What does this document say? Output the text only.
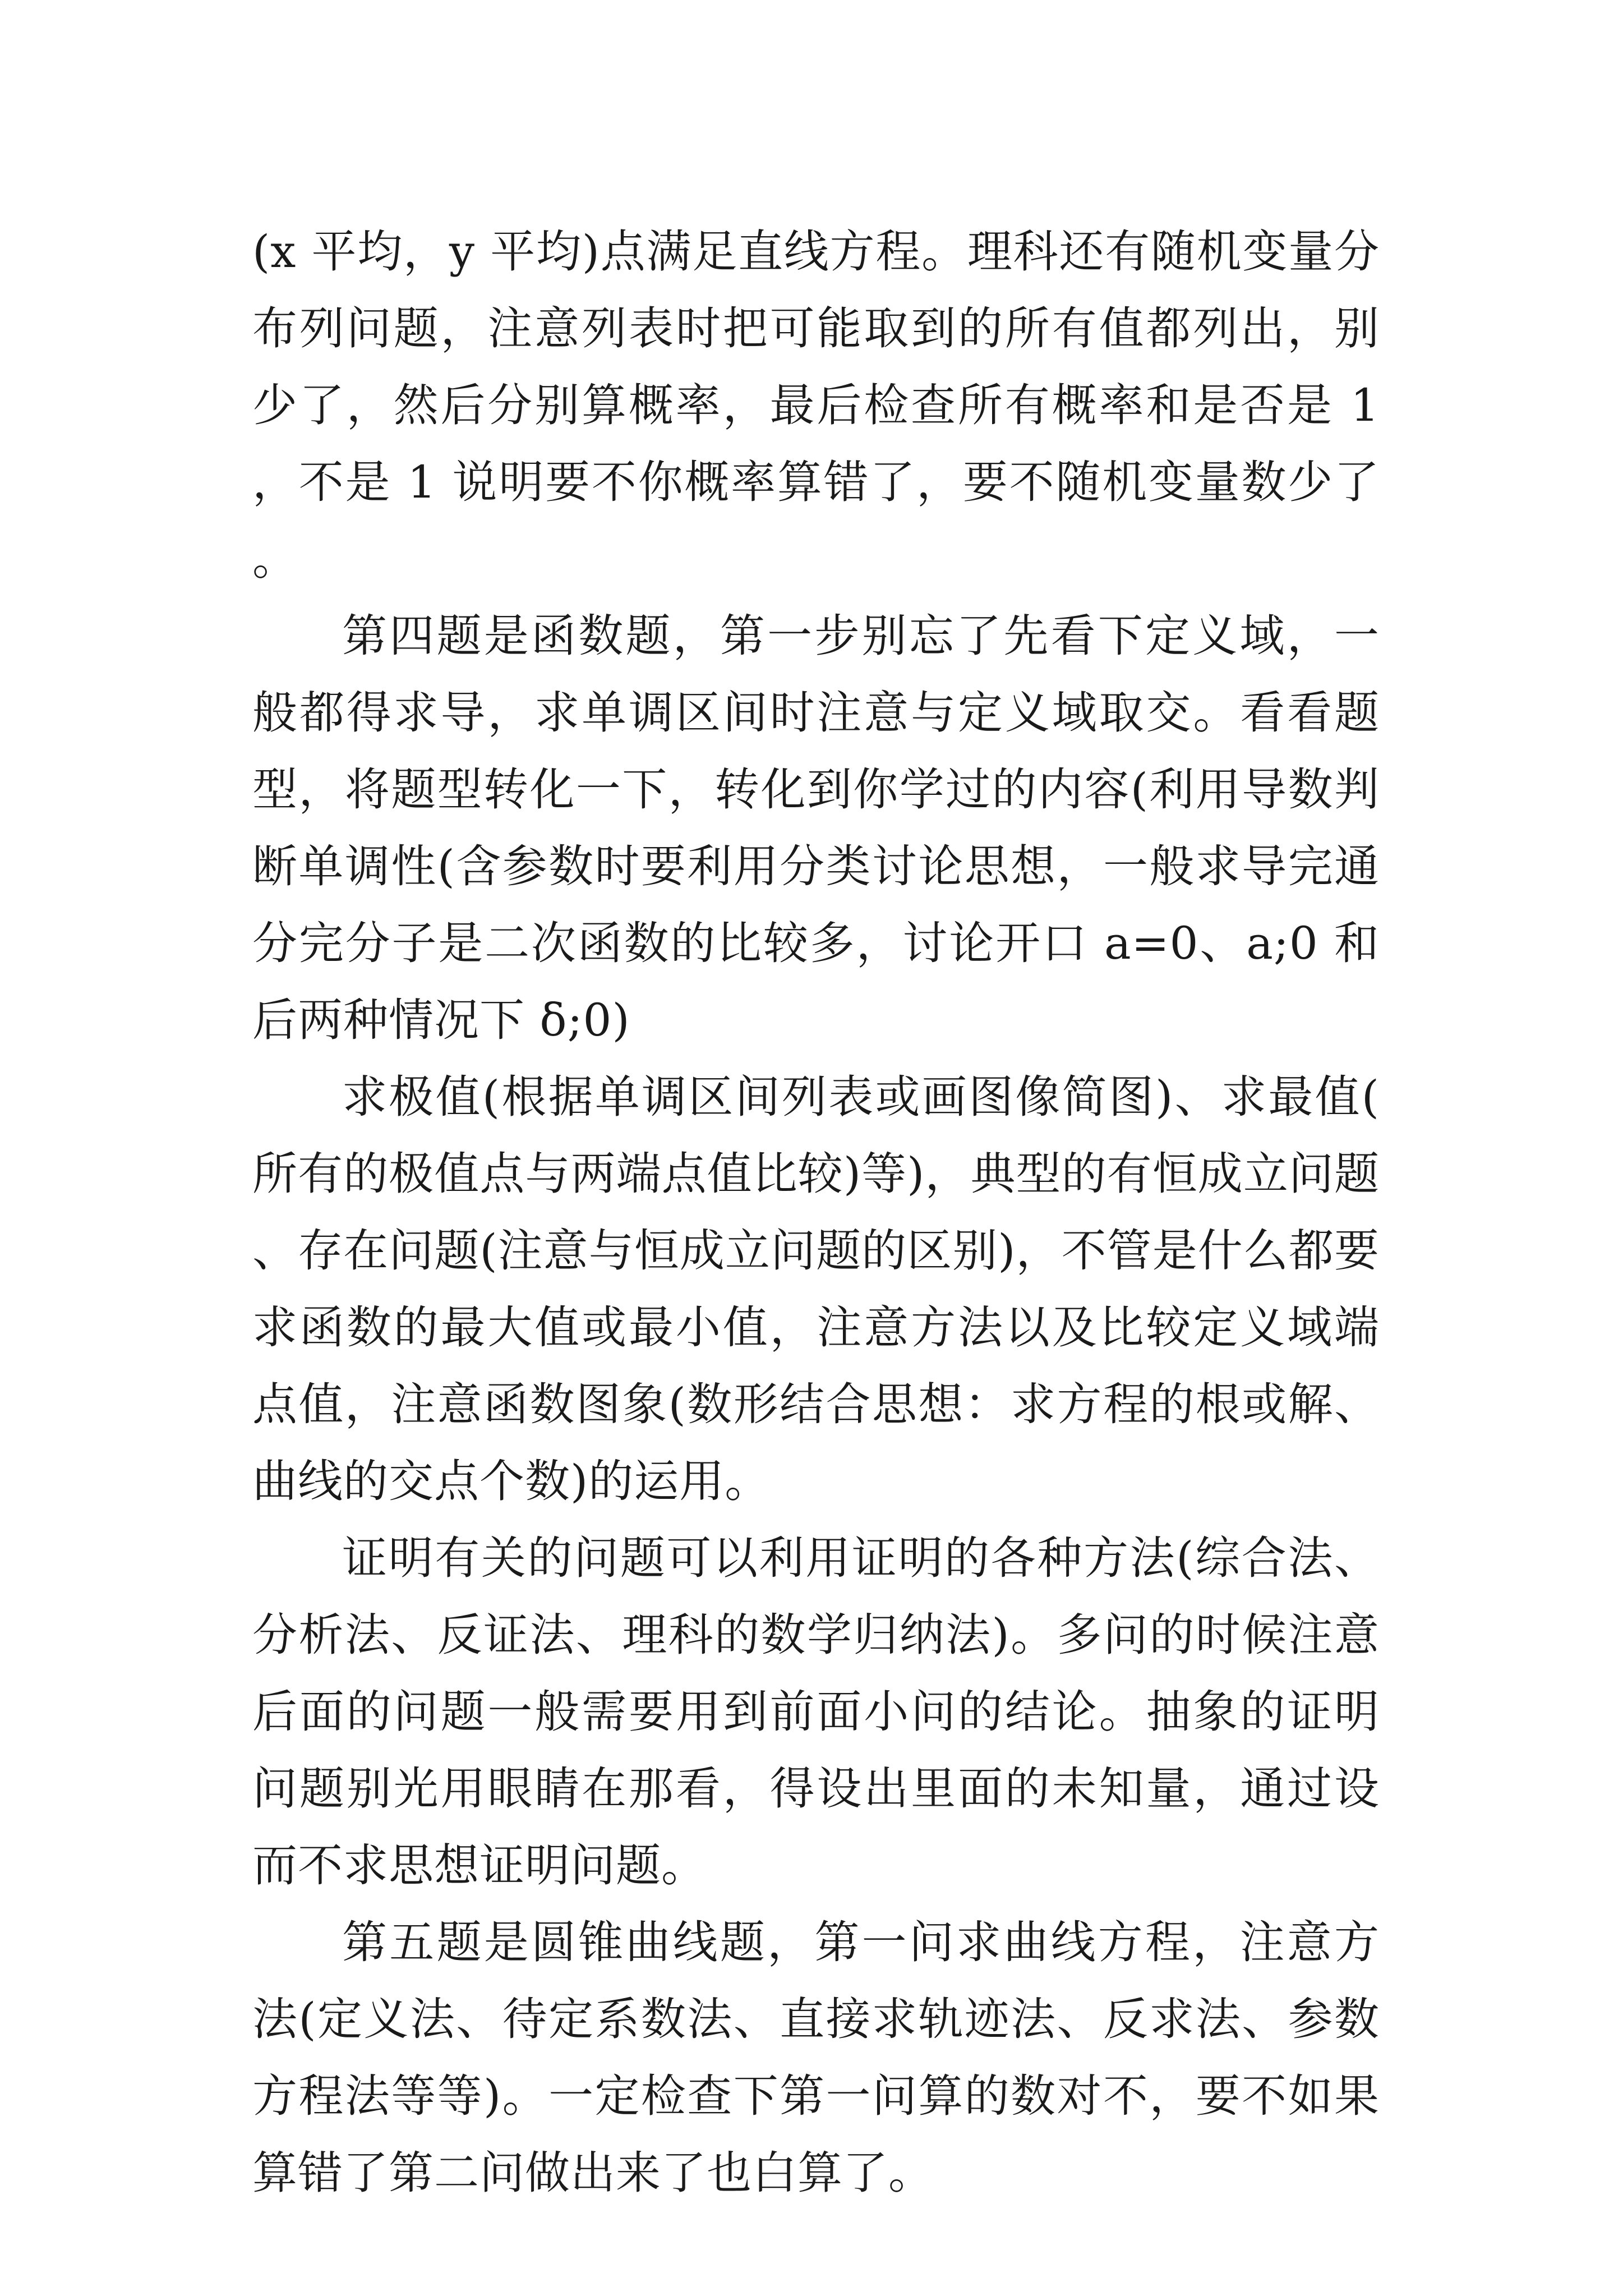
(x 平均，y 平均)点满足直线方程。理科还有随机变量分布列问题，注意列表时把可能取到的所有值都列出，别少了，然后分别算概率，最后检查所有概率和是否是 1，不是 1 说明要不你概率算错了，要不随机变量数少了。

第四题是函数题，第一步别忘了先看下定义域，一般都得求导，求单调区间时注意与定义域取交。看看题型，将题型转化一下，转化到你学过的内容(利用导数判断单调性(含参数时要利用分类讨论思想，一般求导完通分完分子是二次函数的比较多，讨论开口 a=0、a;0 和后两种情况下 δ;0)

求极值(根据单调区间列表或画图像简图)、求最值(所有的极值点与两端点值比较)等)，典型的有恒成立问题、存在问题(注意与恒成立问题的区别)，不管是什么都要求函数的最大值或最小值，注意方法以及比较定义域端点值，注意函数图象(数形结合思想：求方程的根或解、曲线的交点个数)的运用。

证明有关的问题可以利用证明的各种方法(综合法、分析法、反证法、理科的数学归纳法)。多问的时候注意后面的问题一般需要用到前面小问的结论。抽象的证明问题别光用眼睛在那看，得设出里面的未知量，通过设而不求思想证明问题。

第五题是圆锥曲线题，第一问求曲线方程，注意方法(定义法、待定系数法、直接求轨迹法、反求法、参数方程法等等)。一定检查下第一问算的数对不，要不如果算错了第二问做出来了也白算了。
